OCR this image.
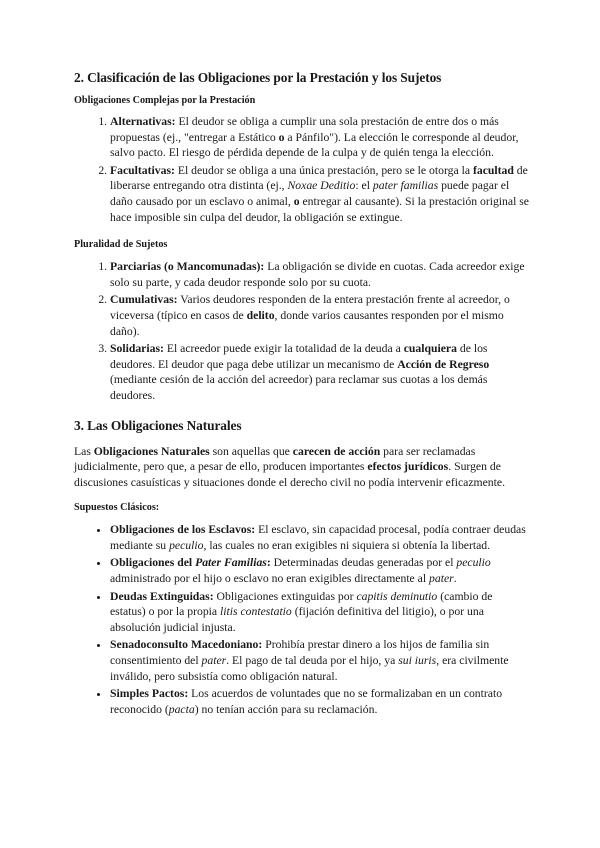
2. Clasificación de las Obligaciones por la Prestación y los Sujetos
Obligaciones Complejas por la Prestación
1. Alternativas: El deudor se obliga a cumplir una sola prestación de entre dos o más propuestas (ej., "entregar a Estático o a Pánfilo"). La elección le corresponde al deudor, salvo pacto. El riesgo de pérdida depende de la culpa y de quién tenga la elección.
2. Facultativas: El deudor se obliga a una única prestación, pero se le otorga la facultad de liberarse entregando otra distinta (ej., Noxae Deditio: el pater familias puede pagar el daño causado por un esclavo o animal, o entregar al causante). Si la prestación original se hace imposible sin culpa del deudor, la obligación se extingue.
Pluralidad de Sujetos
1. Parciarias (o Mancomunadas): La obligación se divide en cuotas. Cada acreedor exige solo su parte, y cada deudor responde solo por su cuota.
2. Cumulativas: Varios deudores responden de la entera prestación frente al acreedor, o viceversa (típico en casos de delito, donde varios causantes responden por el mismo daño).
3. Solidarias: El acreedor puede exigir la totalidad de la deuda a cualquiera de los deudores. El deudor que paga debe utilizar un mecanismo de Acción de Regreso (mediante cesión de la acción del acreedor) para reclamar sus cuotas a los demás deudores.
3. Las Obligaciones Naturales

Las Obligaciones Naturales son aquellas que carecen de acción para ser reclamadas judicialmente, pero que, a pesar de ello, producen importantes efectos jurídicos. Surgen de discusiones casuísticas y situaciones donde el derecho civil no podía intervenir eficazmente.

Supuestos Clásicos:
• Obligaciones de los Esclavos: El esclavo, sin capacidad procesal, podía contraer deudas mediante su peculio, las cuales no eran exigibles ni siquiera si obtenía la libertad.
• Obligaciones del Pater Familias: Determinadas deudas generadas por el peculio administrado por el hijo o esclavo no eran exigibles directamente al pater.
• Deudas Extinguidas: Obligaciones extinguidas por capitis deminutio (cambio de estatus) o por la propia litis contestatio (fijación definitiva del litigio), o por una absolución judicial injusta.
• Senadoconsulto Macedoniano: Prohibía prestar dinero a los hijos de familia sin consentimiento del pater. El pago de tal deuda por el hijo, ya sui iuris, era civilmente inválido, pero subsistía como obligación natural.
• Simples Pactos: Los acuerdos de voluntades que no se formalizaban en un contrato reconocido (pacta) no tenían acción para su reclamación.
